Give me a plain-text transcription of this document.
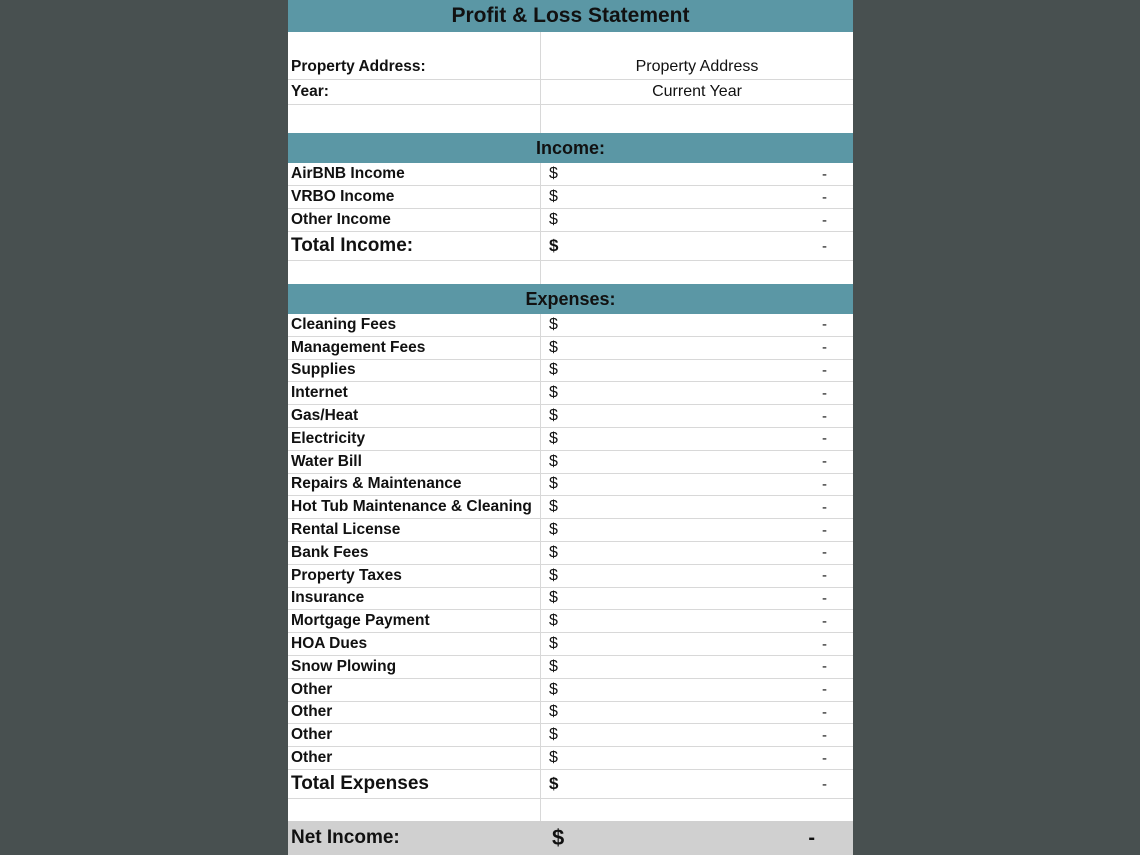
Profit & Loss Statement
Property Address:	Property Address
Year:	Current Year
Income:
AirBNB Income	$	-
VRBO Income	$	-
Other Income	$	-
Total Income:	$	-
Expenses:
Cleaning Fees	$	-
Management Fees	$	-
Supplies	$	-
Internet	$	-
Gas/Heat	$	-
Electricity	$	-
Water Bill	$	-
Repairs & Maintenance	$	-
Hot Tub Maintenance & Cleaning $	-
Rental License	$	-
Bank Fees	$	-
Property Taxes	$	-
Insurance	$	-
Mortgage Payment	$	-
HOA Dues	$	-
Snow Plowing	$	-
Other	$	-
Other	$	-
Other	$	-
Other	$	-
Total Expenses	$	-
Net Income:	$	-
